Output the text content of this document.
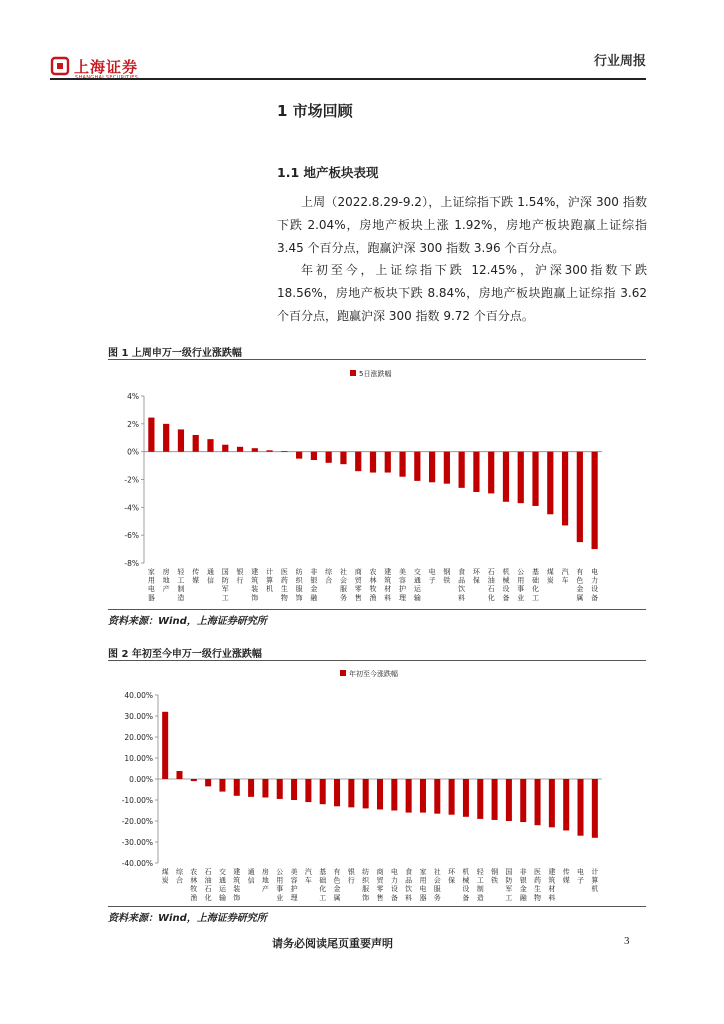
上海证券
SHANGHAI SECURITIES
行业周报
1 市场回顾
1.1 地产板块表现
上周（2022.8.29-9.2），上证综指下跌 1.54%，沪深 300 指数下跌 2.04%，房地产板块上涨 1.92%，房地产板块跑赢上证综指 3.45 个百分点，跑赢沪深 300 指数 3.96 个百分点。
年初至今，上证综指下跌 12.45%，沪深300指数下跌 18.56%，房地产板块下跌 8.84%，房地产板块跑赢上证综指 3.62 个百分点，跑赢沪深 300 指数 9.72 个百分点。
图 1 上周申万一级行业涨跌幅
5日涨跌幅
4%
2%
0%
-2%
-4%
-6%
-8%
家
用
电
器
房
地
产
轻
工
制
造
传
媒
通
信
国
防
军
工
银
行
建
筑
装
饰
计
算
机
医
药
生
物
纺
织
服
饰
非
银
金
融
综
合
社
会
服
务
商
贸
零
售
农
林
牧
渔
建
筑
材
料
美
容
护
理
交
通
运
输
电
子
钢
铁
食
品
饮
料
环
保
石
油
石
化
机
械
设
备
公
用
事
业
基
础
化
工
煤
炭
汽
车
有
色
金
属
电
力
设
备
资料来源：Wind，上海证券研究所
图 2 年初至今申万一级行业涨跌幅
年初至今涨跌幅
40.00%
30.00%
20.00%
10.00%
0.00%
-10.00%
-20.00%
-30.00%
-40.00%
煤
炭
综
合
农
林
牧
渔
石
油
石
化
交
通
运
输
建
筑
装
饰
通
信
房
地
产
公
用
事
业
美
容
护
理
汽
车
基
础
化
工
有
色
金
属
银
行
纺
织
服
饰
商
贸
零
售
电
力
设
备
食
品
饮
料
家
用
电
器
社
会
服
务
环
保
机
械
设
备
轻
工
制
造
钢
铁
国
防
军
工
非
银
金
融
医
药
生
物
建
筑
材
料
传
媒
电
子
计
算
机
资料来源：Wind，上海证券研究所
请务必阅读尾页重要声明	3
